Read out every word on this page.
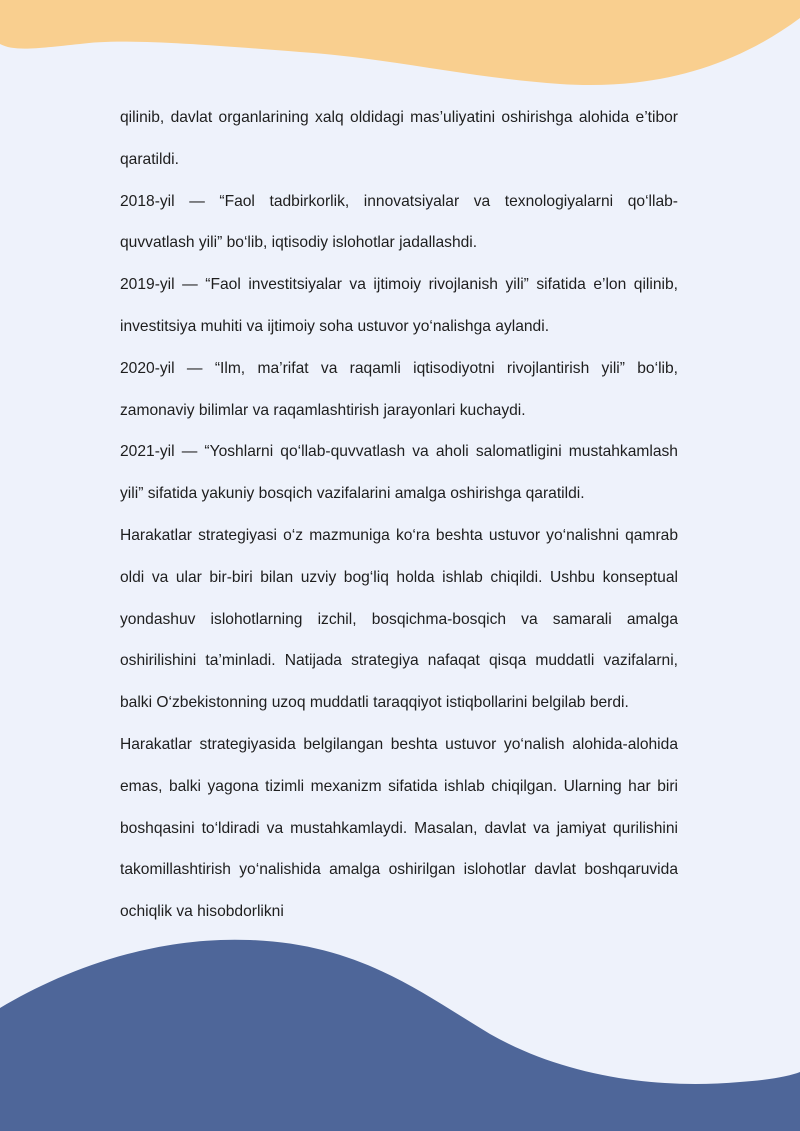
qilinib, davlat organlarining xalq oldidagi mas’uliyatini oshirishga alohida e’tibor qaratildi.

2018-yil — “Faol tadbirkorlik, innovatsiyalar va texnologiyalarni qo‘llab-quvvatlash yili” bo‘lib, iqtisodiy islohotlar jadallashdi.

2019-yil — “Faol investitsiyalar va ijtimoiy rivojlanish yili” sifatida e’lon qilinib, investitsiya muhiti va ijtimoiy soha ustuvor yo‘nalishga aylandi.

2020-yil — “Ilm, ma’rifat va raqamli iqtisodiyotni rivojlantirish yili” bo‘lib, zamonaviy bilimlar va raqamlashtirish jarayonlari kuchaydi.

2021-yil — “Yoshlarni qo‘llab-quvvatlash va aholi salomatligini mustahkamlash yili” sifatida yakuniy bosqich vazifalarini amalga oshirishga qaratildi.

Harakatlar strategiyasi o‘z mazmuniga ko‘ra beshta ustuvor yo‘nalishni qamrab oldi va ular bir-biri bilan uzviy bog‘liq holda ishlab chiqildi. Ushbu konseptual yondashuv islohotlarning izchil, bosqichma-bosqich va samarali amalga oshirilishini ta’minladi. Natijada strategiya nafaqat qisqa muddatli vazifalarni, balki O‘zbekistonning uzoq muddatli taraqqiyot istiqbollarini belgilab berdi.

Harakatlar strategiyasida belgilangan beshta ustuvor yo‘nalish alohida-alohida emas, balki yagona tizimli mexanizm sifatida ishlab chiqilgan. Ularning har biri boshqasini to‘ldiradi va mustahkamlaydi. Masalan, davlat va jamiyat qurilishini takomillashtirish yo‘nalishida amalga oshirilgan islohotlar davlat boshqaruvida ochiqlik va hisobdorlikni
